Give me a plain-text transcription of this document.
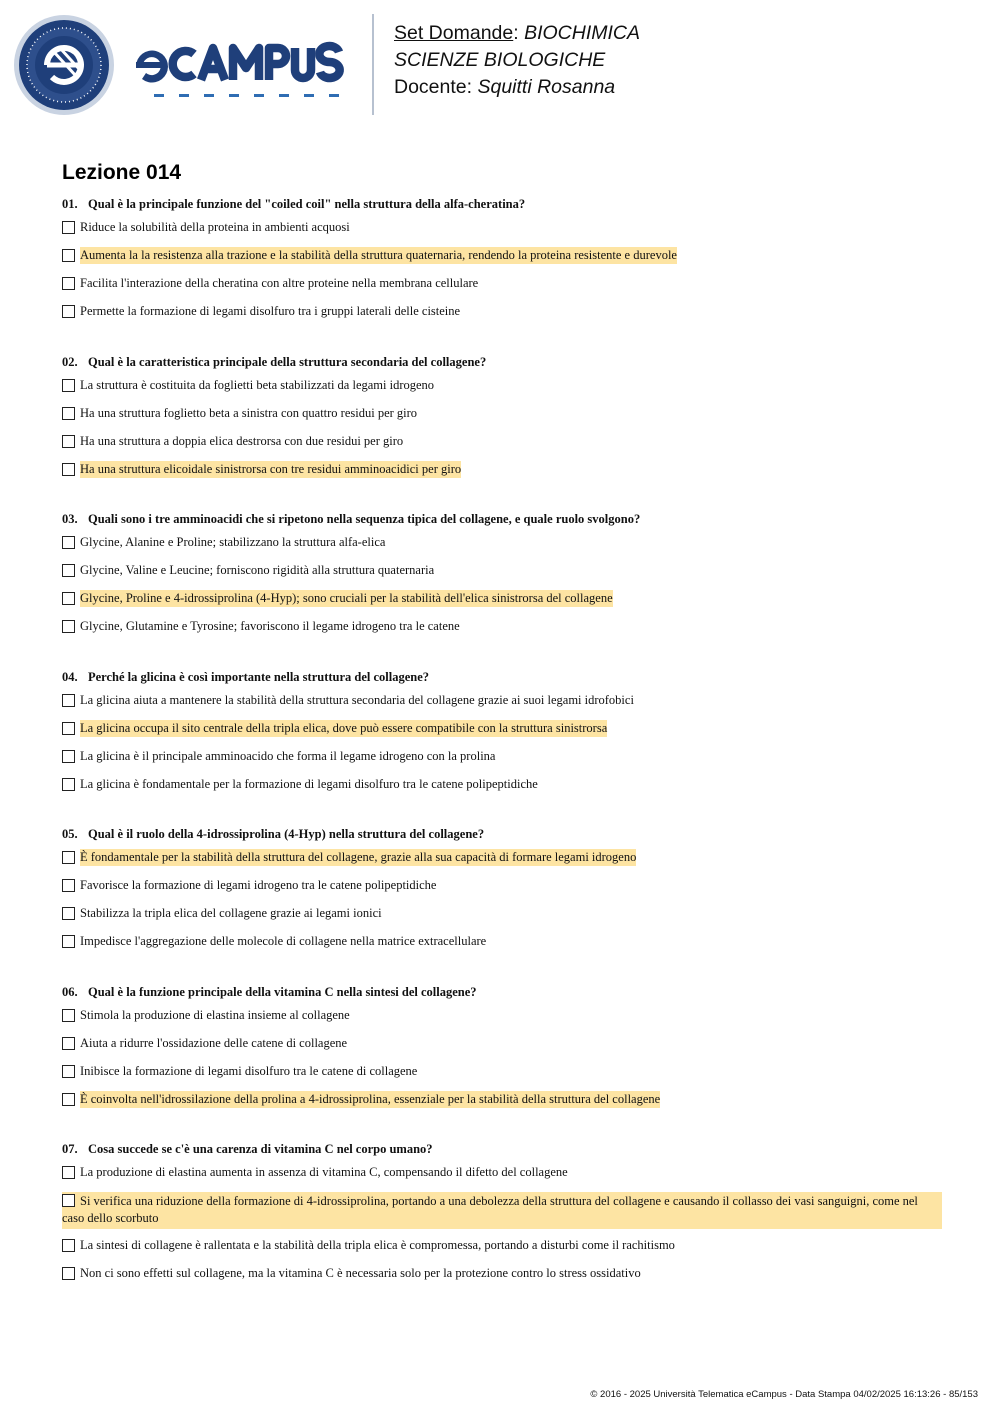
Set Domande: BIOCHIMICA
SCIENZE BIOLOGICHE
Docente: Squitti Rosanna
Lezione 014
01. Qual è la principale funzione del "coiled coil" nella struttura della alfa-cheratina?
Riduce la solubilità della proteina in ambienti acquosi
Aumenta la la resistenza alla trazione e la stabilità della struttura quaternaria, rendendo la proteina resistente e durevole
Facilita l'interazione della cheratina con altre proteine nella membrana cellulare
Permette la formazione di legami disolfuro tra i gruppi laterali delle cisteine
02. Qual è la caratteristica principale della struttura secondaria del collagene?
La struttura è costituita da foglietti beta stabilizzati da legami idrogeno
Ha una struttura foglietto beta a sinistra con quattro residui per giro
Ha una struttura a doppia elica destrorsa con due residui per giro
Ha una struttura elicoidale sinistrorsa con tre residui amminoacidici per giro
03. Quali sono i tre amminoacidi che si ripetono nella sequenza tipica del collagene, e quale ruolo svolgono?
Glycine, Alanine e Proline; stabilizzano la struttura alfa-elica
Glycine, Valine e Leucine; forniscono rigidità alla struttura quaternaria
Glycine, Proline e 4-idrossiprolina (4-Hyp); sono cruciali per la stabilità dell'elica sinistrorsa del collagene
Glycine, Glutamine e Tyrosine; favoriscono il legame idrogeno tra le catene
04. Perché la glicina è così importante nella struttura del collagene?
La glicina aiuta a mantenere la stabilità della struttura secondaria del collagene grazie ai suoi legami idrofobici
La glicina occupa il sito centrale della tripla elica, dove può essere compatibile con la struttura sinistrorsa
La glicina è il principale amminoacido che forma il legame idrogeno con la prolina
La glicina è fondamentale per la formazione di legami disolfuro tra le catene polipeptidiche
05. Qual è il ruolo della 4-idrossiprolina (4-Hyp) nella struttura del collagene?
È fondamentale per la stabilità della struttura del collagene, grazie alla sua capacità di formare legami idrogeno
Favorisce la formazione di legami idrogeno tra le catene polipeptidiche
Stabilizza la tripla elica del collagene grazie ai legami ionici
Impedisce l'aggregazione delle molecole di collagene nella matrice extracellulare
06. Qual è la funzione principale della vitamina C nella sintesi del collagene?
Stimola la produzione di elastina insieme al collagene
Aiuta a ridurre l'ossidazione delle catene di collagene
Inibisce la formazione di legami disolfuro tra le catene di collagene
È coinvolta nell'idrossilazione della prolina a 4-idrossiprolina, essenziale per la stabilità della struttura del collagene
07. Cosa succede se c'è una carenza di vitamina C nel corpo umano?
La produzione di elastina aumenta in assenza di vitamina C, compensando il difetto del collagene
Si verifica una riduzione della formazione di 4-idrossiprolina, portando a una debolezza della struttura del collagene e causando il collasso dei vasi sanguigni, come nel caso dello scorbuto
La sintesi di collagene è rallentata e la stabilità della tripla elica è compromessa, portando a disturbi come il rachitismo
Non ci sono effetti sul collagene, ma la vitamina C è necessaria solo per la protezione contro lo stress ossidativo
© 2016 - 2025 Università Telematica eCampus - Data Stampa 04/02/2025 16:13:26 - 85/153
